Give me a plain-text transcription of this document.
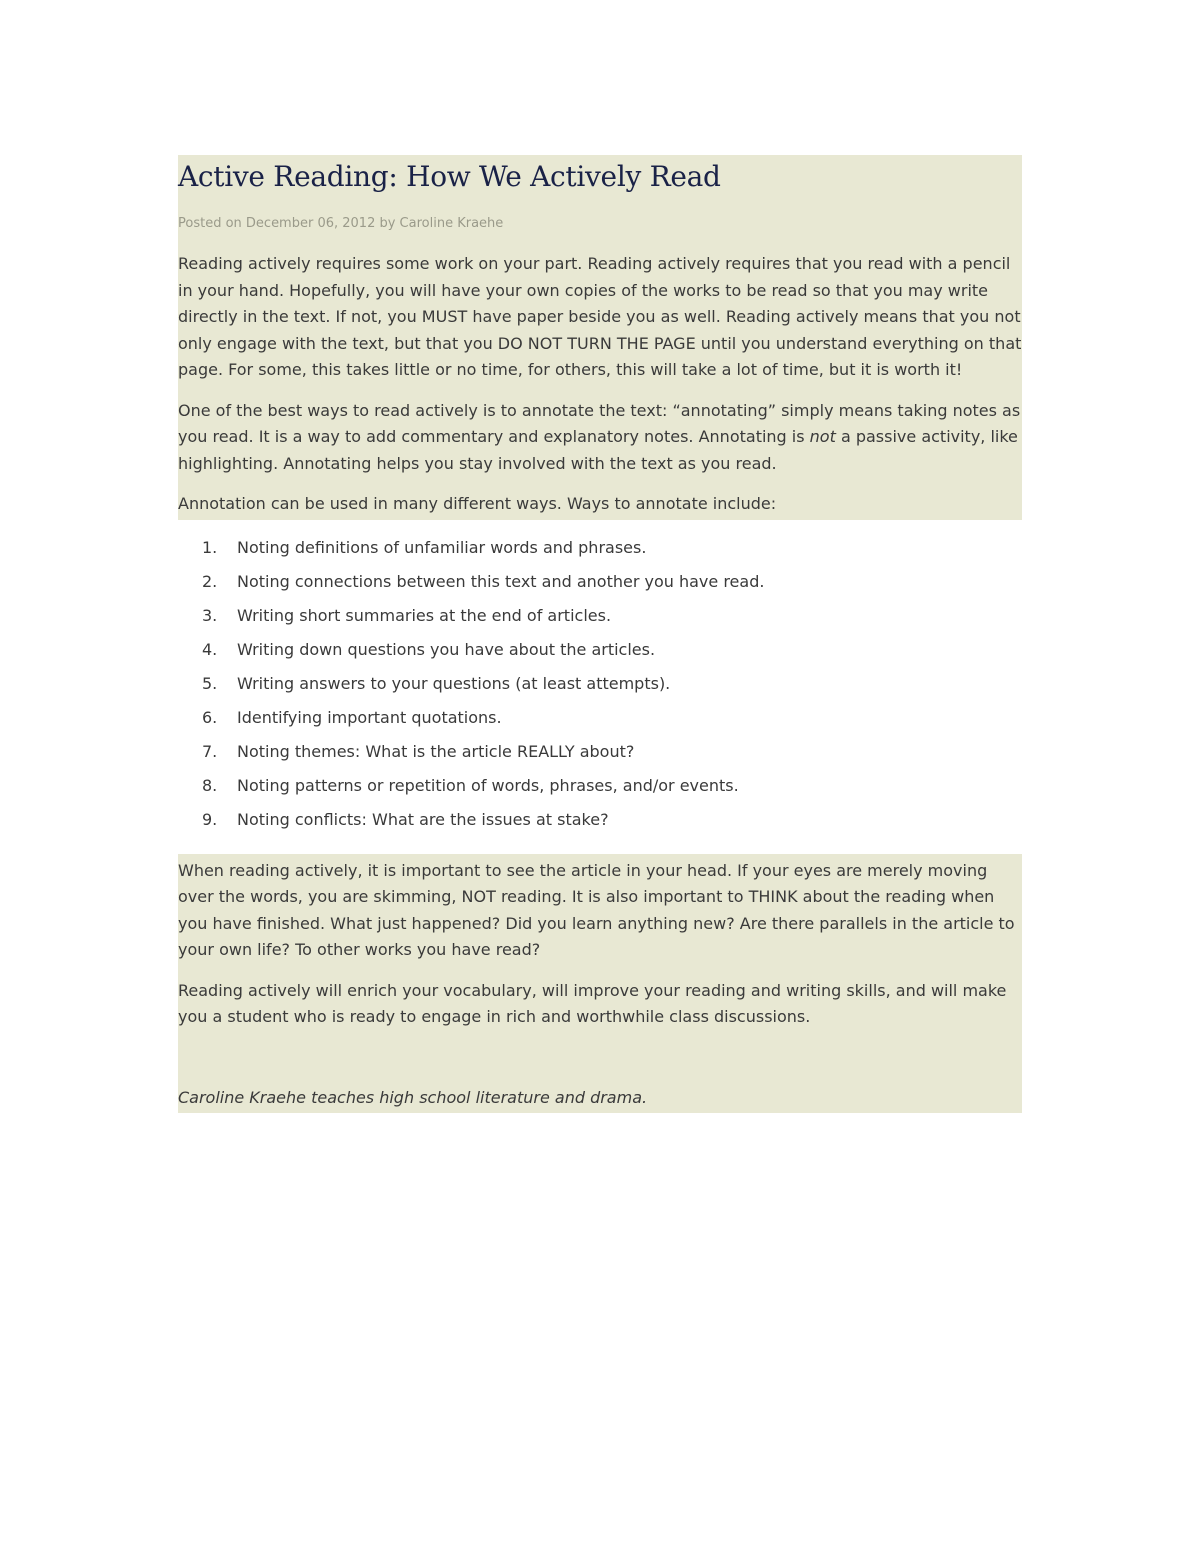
Active Reading: How We Actively Read

Posted on December 06, 2012 by Caroline Kraehe

Reading actively requires some work on your part. Reading actively requires that you read with a pencil in your hand. Hopefully, you will have your own copies of the works to be read so that you may write directly in the text. If not, you MUST have paper beside you as well. Reading actively means that you not only engage with the text, but that you DO NOT TURN THE PAGE until you understand everything on that page. For some, this takes little or no time, for others, this will take a lot of time, but it is worth it!

One of the best ways to read actively is to annotate the text: “annotating” simply means taking notes as you read. It is a way to add commentary and explanatory notes. Annotating is not a passive activity, like highlighting. Annotating helps you stay involved with the text as you read.

Annotation can be used in many different ways. Ways to annotate include:

1.	Noting definitions of unfamiliar words and phrases.
2.	Noting connections between this text and another you have read.
3.	Writing short summaries at the end of articles.
4.	Writing down questions you have about the articles.
5.	Writing answers to your questions (at least attempts).
6.	Identifying important quotations.
7.	Noting themes: What is the article REALLY about?
8.	Noting patterns or repetition of words, phrases, and/or events.
9.	Noting conflicts: What are the issues at stake?

When reading actively, it is important to see the article in your head. If your eyes are merely moving over the words, you are skimming, NOT reading. It is also important to THINK about the reading when you have finished. What just happened? Did you learn anything new? Are there parallels in the article to your own life? To other works you have read?

Reading actively will enrich your vocabulary, will improve your reading and writing skills, and will make you a student who is ready to engage in rich and worthwhile class discussions.

Caroline Kraehe teaches high school literature and drama.
